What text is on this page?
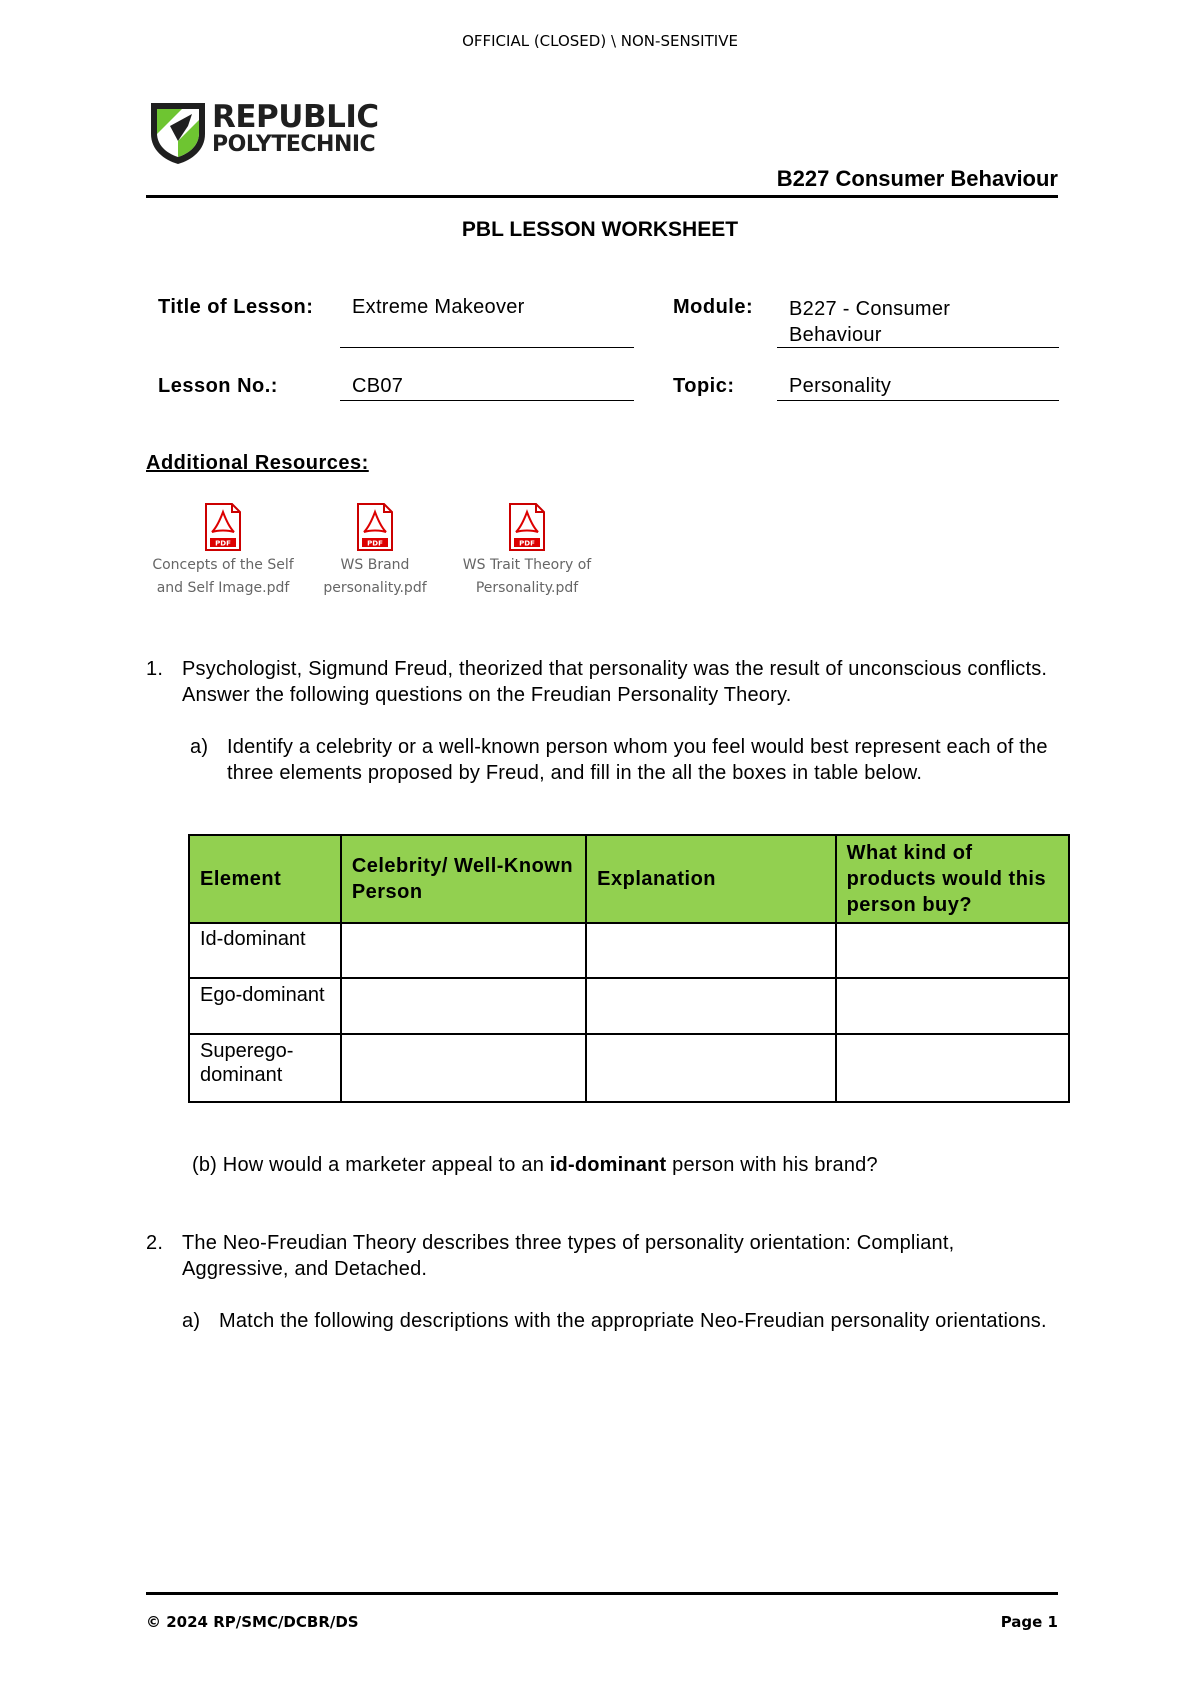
OFFICIAL (CLOSED) \ NON-SENSITIVE
REPUBLIC
POLYTECHNIC
B227 Consumer Behaviour
PBL LESSON WORKSHEET
Title of Lesson:	Extreme Makeover	Module: B227 - Consumer
Behaviour
Lesson No.:	CB07	Topic:	Personality
Additional Resources:
PDF
Concepts of the Self
and Self Image.pdf
PDF
WS Brand
personality.pdf
PDF
WS Trait Theory of
Personality.pdf
1. Psychologist, Sigmund Freud, theorized that personality was the result of unconscious conflicts. Answer the following questions on the Freudian Personality Theory.
a) Identify a celebrity or a well-known person whom you feel would best represent each of the three elements proposed by Freud, and fill in the all the boxes in table below.
Element	Celebrity/ Well-Known Person	Explanation	What kind of products would this person buy?
Id-dominant			
Ego-dominant			
Superego-dominant			
(b) How would a marketer appeal to an id-dominant person with his brand?
2. The Neo-Freudian Theory describes three types of personality orientation: Compliant, Aggressive, and Detached.
a) Match the following descriptions with the appropriate Neo-Freudian personality orientations.
© 2024 RP/SMC/DCBR/DS	Page 1
